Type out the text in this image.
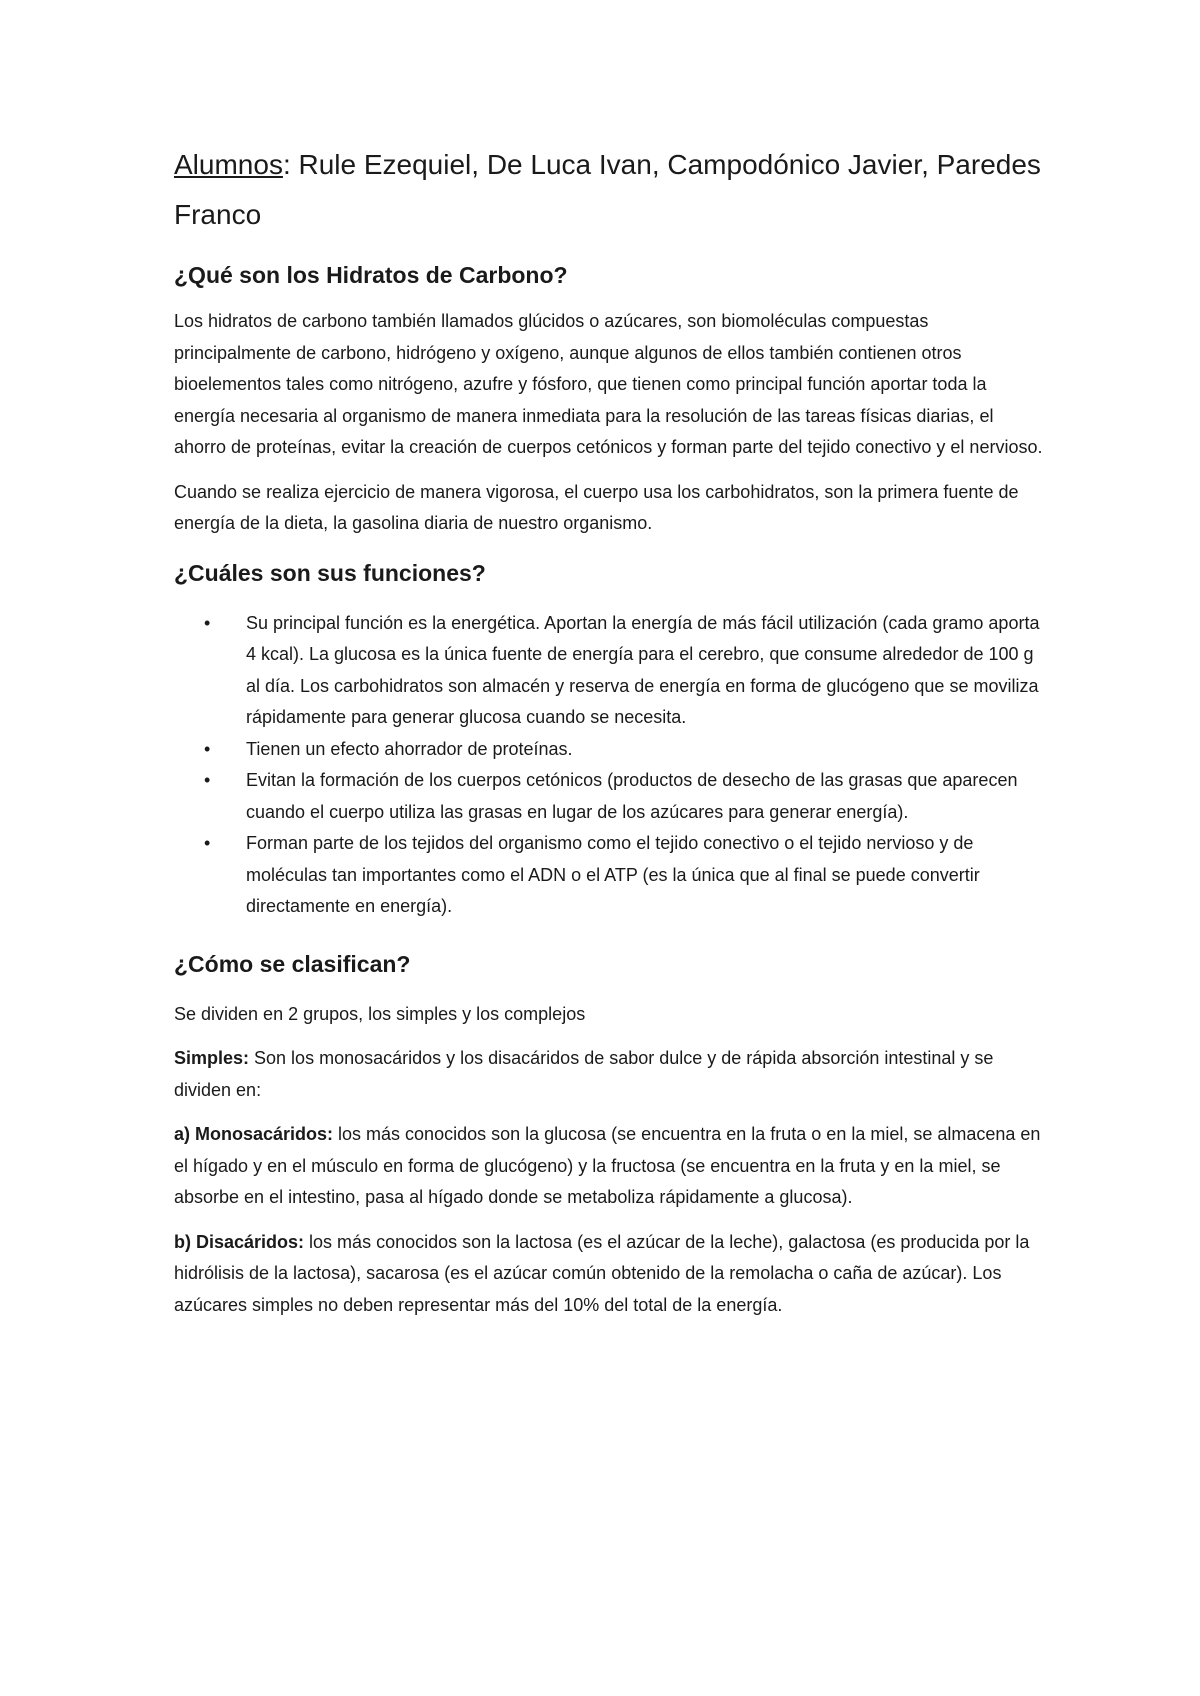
Alumnos: Rule Ezequiel, De Luca Ivan, Campodónico Javier, Paredes Franco
¿Qué son los Hidratos de Carbono?

Los hidratos de carbono también llamados glúcidos o azúcares, son biomoléculas compuestas principalmente de carbono, hidrógeno y oxígeno, aunque algunos de ellos también contienen otros bioelementos tales como nitrógeno, azufre y fósforo, que tienen como principal función aportar toda la energía necesaria al organismo de manera inmediata para la resolución de las tareas físicas diarias, el ahorro de proteínas, evitar la creación de cuerpos cetónicos y forman parte del tejido conectivo y el nervioso.

Cuando se realiza ejercicio de manera vigorosa, el cuerpo usa los carbohidratos, son la primera fuente de energía de la dieta, la gasolina diaria de nuestro organismo.

¿Cuáles son sus funciones?
• Su principal función es la energética. Aportan la energía de más fácil utilización (cada gramo aporta 4 kcal). La glucosa es la única fuente de energía para el cerebro, que consume alrededor de 100 g al día. Los carbohidratos son almacén y reserva de energía en forma de glucógeno que se moviliza rápidamente para generar glucosa cuando se necesita.
• Tienen un efecto ahorrador de proteínas.
• Evitan la formación de los cuerpos cetónicos (productos de desecho de las grasas que aparecen cuando el cuerpo utiliza las grasas en lugar de los azúcares para generar energía).
• Forman parte de los tejidos del organismo como el tejido conectivo o el tejido nervioso y de moléculas tan importantes como el ADN o el ATP (es la única que al final se puede convertir directamente en energía).
¿Cómo se clasifican?

Se dividen en 2 grupos, los simples y los complejos

Simples: Son los monosacáridos y los disacáridos de sabor dulce y de rápida absorción intestinal y se dividen en:

a) Monosacáridos: los más conocidos son la glucosa (se encuentra en la fruta o en la miel, se almacena en el hígado y en el músculo en forma de glucógeno) y la fructosa (se encuentra en la fruta y en la miel, se absorbe en el intestino, pasa al hígado donde se metaboliza rápidamente a glucosa).

b) Disacáridos: los más conocidos son la lactosa (es el azúcar de la leche), galactosa (es producida por la hidrólisis de la lactosa), sacarosa (es el azúcar común obtenido de la remolacha o caña de azúcar). Los azúcares simples no deben representar más del 10% del total de la energía.
